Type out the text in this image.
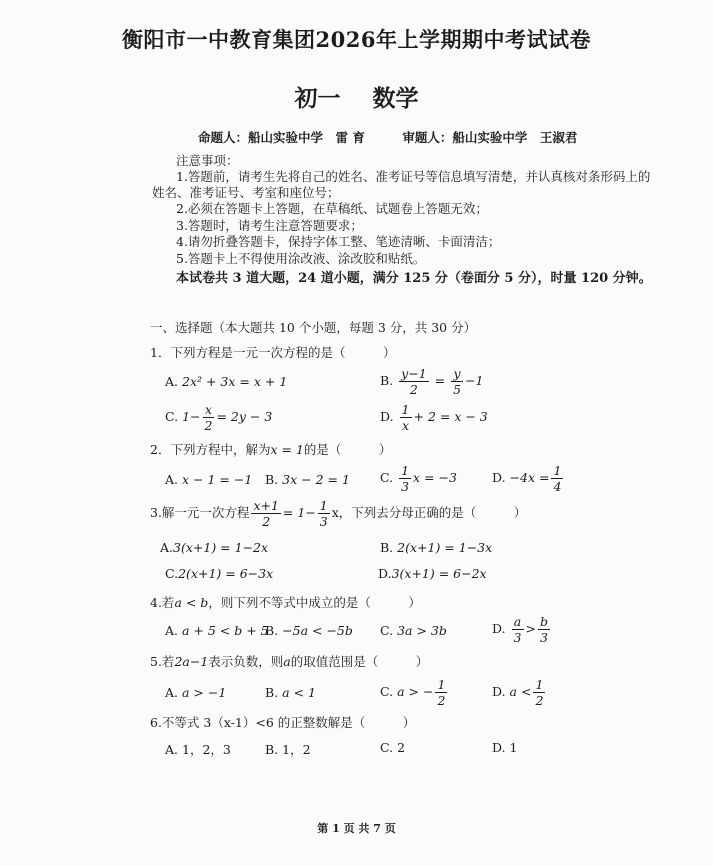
衡阳市一中教育集团2026年上学期期中考试试卷
初一 数学
命题人：船山实验中学　雷 育　　　审题人：船山实验中学　王淑君
注意事项：
1.答题前，请考生先将自己的姓名、准考证号等信息填写清楚，并认真核对条形码上的
姓名、准考证号、考室和座位号；
2.必须在答题卡上答题，在草稿纸、试题卷上答题无效；
3.答题时，请考生注意答题要求；
4.请勿折叠答题卡，保持字体工整、笔迹清晰、卡面清洁；
5.答题卡上不得使用涂改液、涂改胶和贴纸。
本试卷共 3 道大题，24 道小题，满分 125 分（卷面分 5 分），时量 120 分钟。
一、选择题（本大题共 10 个小题，每题 3 分，共 30 分）
1．下列方程是一元一次方程的是（　　　）
A. 2x² + 3x = x + 1	B. $\frac{y-1}{2} = \frac{y}{5} -1$
C. $1- \frac{x}{2} = 2y - 3$	D. $\frac{1}{x} + 2 = x - 3$
2．下列方程中，解为x = 1的是（　　　）
A. x − 1 = −1 B. 3x − 2 = 1 C. $\frac{1}{3}$ x = −3	D. $-4x = \frac{1}{4}$
3.解一元一次方程 $\frac{x+1}{2} = 1- \frac{1}{3}$ x，下列去分母正确的是（　　　）
A.3(x+1) = 1−2x	B. 2(x+1) = 1−3x
C.2(x+1) = 6−3x	D.3(x+1) = 6−2x
4.若a < b，则下列不等式中成立的是（　　　）
A. a + 5 < b + 5
B. −5a < −5b C. 3a > 3b	D. $\frac{a}{3} > \frac{b}{3}$
5.若2a−1表示负数，则a的取值范围是（　　　）
A. a > −1	B. a < 1	C. a > − $\frac{1}{2}$	D. $a < \frac{1}{2}$
6.不等式 3（x-1）<6 的正整数解是（　　　）
A. 1，2，3	B. 1，2	C. 2	D. 1
第 1 页 共 7 页
